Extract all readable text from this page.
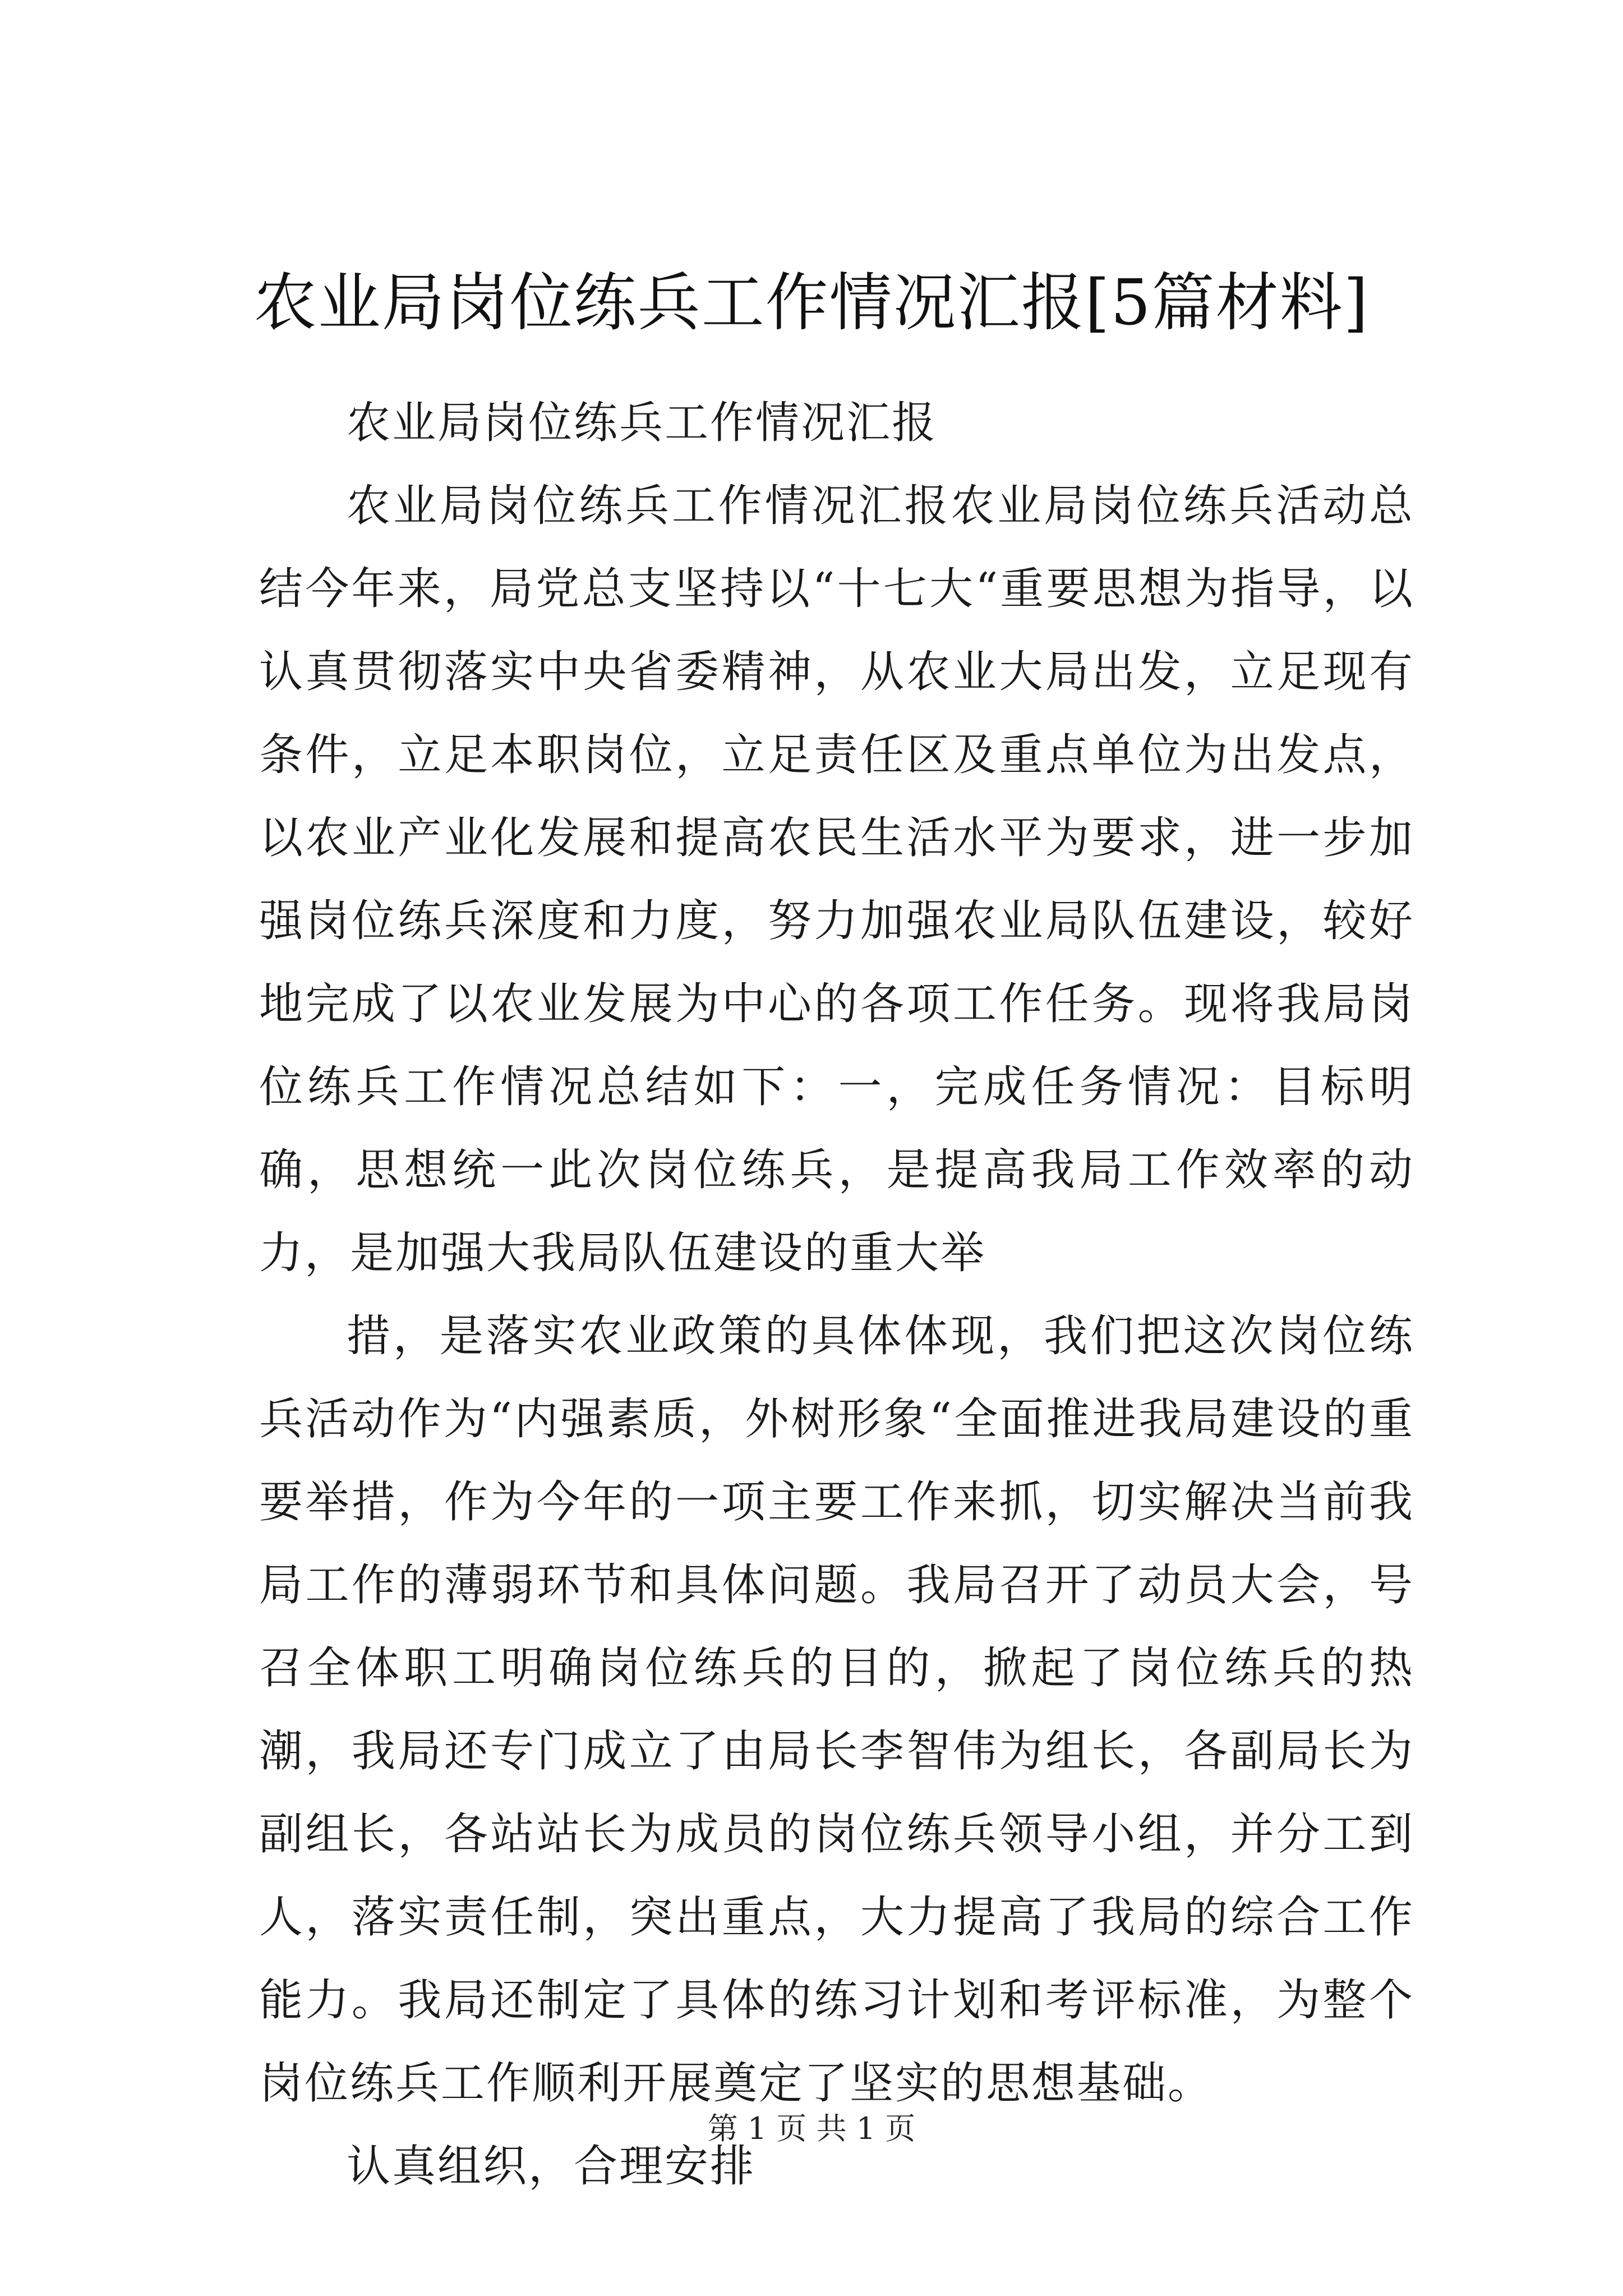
农业局岗位练兵工作情况汇报[5篇材料]

农业局岗位练兵工作情况汇报

农业局岗位练兵工作情况汇报农业局岗位练兵活动总结今年来，局党总支坚持以“十七大“重要思想为指导，以认真贯彻落实中央省委精神，从农业大局出发，立足现有条件，立足本职岗位，立足责任区及重点单位为出发点，以农业产业化发展和提高农民生活水平为要求，进一步加强岗位练兵深度和力度，努力加强农业局队伍建设，较好地完成了以农业发展为中心的各项工作任务。现将我局岗位练兵工作情况总结如下：一，完成任务情况：目标明确，思想统一此次岗位练兵，是提高我局工作效率的动力，是加强大我局队伍建设的重大举

措，是落实农业政策的具体体现，我们把这次岗位练兵活动作为“内强素质，外树形象“全面推进我局建设的重要举措，作为今年的一项主要工作来抓，切实解决当前我局工作的薄弱环节和具体问题。我局召开了动员大会，号召全体职工明确岗位练兵的目的，掀起了岗位练兵的热潮，我局还专门成立了由局长李智伟为组长，各副局长为副组长，各站站长为成员的岗位练兵领导小组，并分工到人，落实责任制，突出重点，大力提高了我局的综合工作能力。我局还制定了具体的练习计划和考评标准，为整个岗位练兵工作顺利开展奠定了坚实的思想基础。

认真组织，合理安排

第 1 页 共 1 页
